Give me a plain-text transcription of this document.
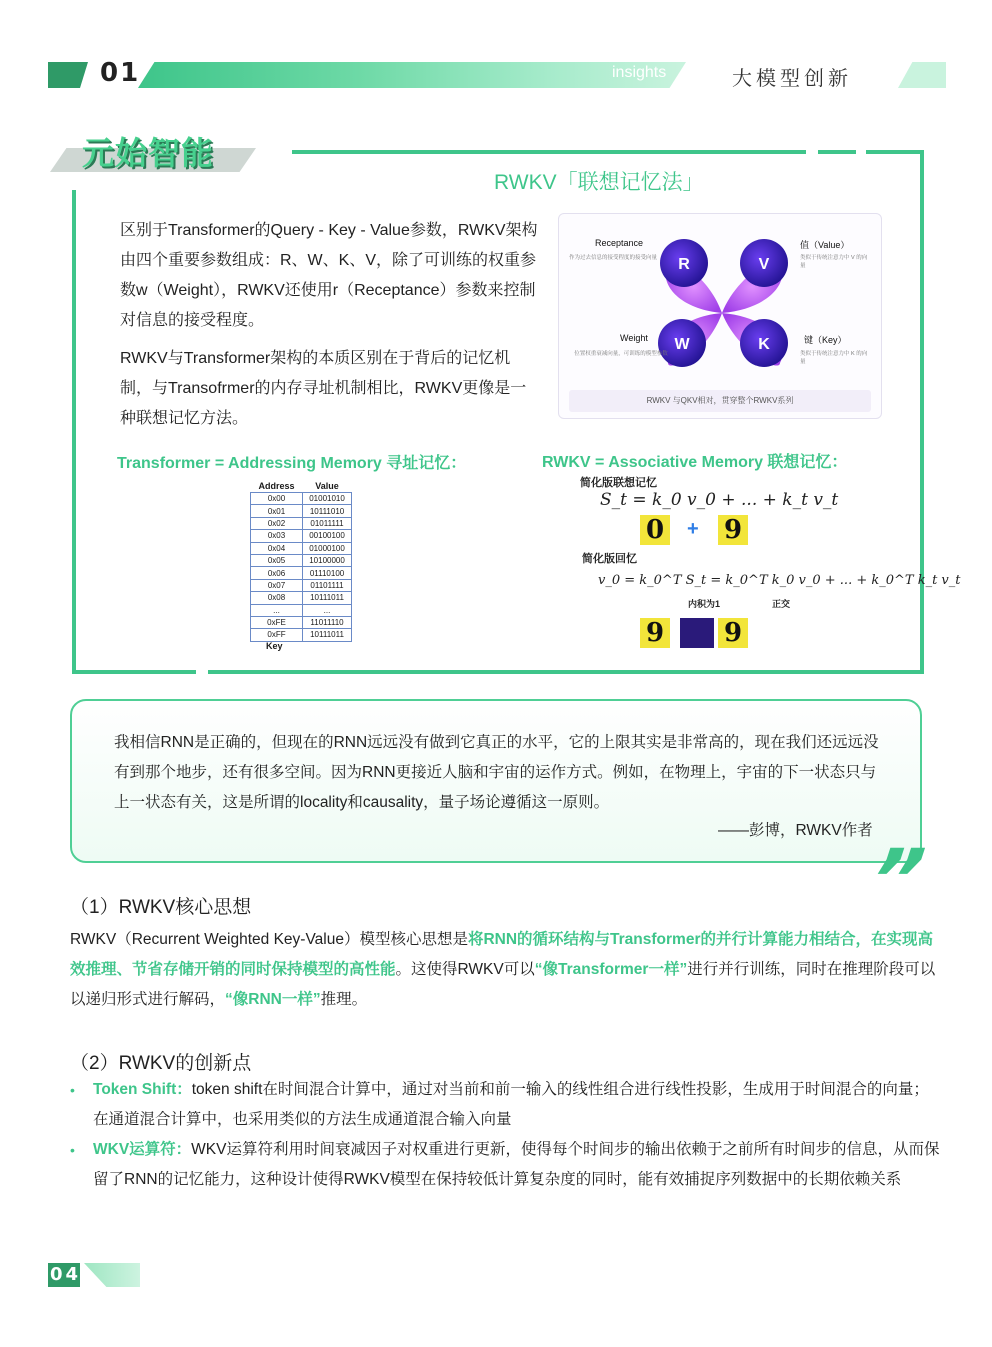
01	insights	大模型创新
元始智能
RWKV「联想记忆法」
区别于Transformer的Query - Key - Value参数，RWKV架构由四个重要参数组成：R、W、K、V，除了可训练的权重参数w（Weight），RWKV还使用r（Receptance）参数来控制对信息的接受程度。
RWKV与Transformer架构的本质区别在于背后的记忆机制，与Transofrmer的内存寻址机制相比，RWKV更像是一种联想记忆方法。
R	V
W	K
Receptance
作为过去信息的接受程度的接受向量
值（Value）
类似于传统注意力中 V 的向量
Weight
位置权重衰减向量，可训练的模型参数
键（Key）
类似于传统注意力中 K 的向量
RWKV 与QKV相对，贯穿整个RWKV系列
Transformer = Addressing Memory 寻址记忆：	RWKV = Associative Memory 联想记忆：
Address	Value
0x00	01001010
0x01	10111010
0x02	01011111
0x03	00100100
0x04	01000100
0x05	10100000
0x06	01110100
0x07	01101111
0x08	10111011
...	...
0xFE	11011110
0xFF	10111011
Key
简化版联想记忆
S_t = k_0 v_0 + ... + k_t v_t
0 + 9
简化版回忆
v_0 = k_0^T S_t = k_0^T k_0 v_0 + ... + k_0^T k_t v_t
内积为1	正交
9 9
我相信RNN是正确的，但现在的RNN远远没有做到它真正的水平，它的上限其实是非常高的，现在我们还远远没有到那个地步，还有很多空间。因为RNN更接近人脑和宇宙的运作方式。例如，在物理上，宇宙的下一状态只与上一状态有关，这是所谓的locality和causality，量子场论遵循这一原则。
——彭博，RWKV作者
”
（1）RWKV核心思想
RWKV（Recurrent Weighted Key-Value）模型核心思想是将RNN的循环结构与Transformer的并行计算能力相结合，在实现高效推理、节省存储开销的同时保持模型的高性能。这使得RWKV可以“像Transformer一样”进行并行训练，同时在推理阶段可以以递归形式进行解码，“像RNN一样”推理。
（2）RWKV的创新点
• Token Shift：token shift在时间混合计算中，通过对当前和前一输入的线性组合进行线性投影，生成用于时间混合的向量；在通道混合计算中，也采用类似的方法生成通道混合输入向量
• WKV运算符：WKV运算符利用时间衰减因子对权重进行更新，使得每个时间步的输出依赖于之前所有时间步的信息，从而保留了RNN的记忆能力，这种设计使得RWKV模型在保持较低计算复杂度的同时，能有效捕捉序列数据中的长期依赖关系
04
